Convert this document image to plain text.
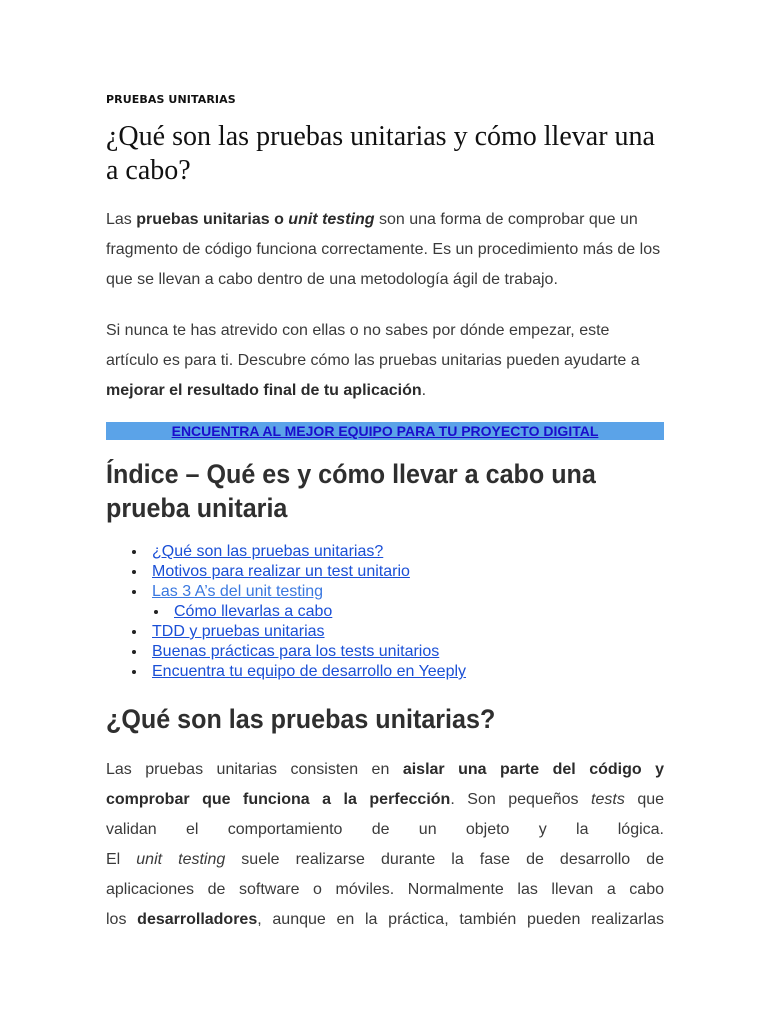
PRUEBAS UNITARIAS
¿Qué son las pruebas unitarias y cómo llevar una a cabo?

Las pruebas unitarias o unit testing son una forma de comprobar que un fragmento de código funciona correctamente. Es un procedimiento más de los que se llevan a cabo dentro de una metodología ágil de trabajo.

Si nunca te has atrevido con ellas o no sabes por dónde empezar, este artículo es para ti. Descubre cómo las pruebas unitarias pueden ayudarte a mejorar el resultado final de tu aplicación.

ENCUENTRA AL MEJOR EQUIPO PARA TU PROYECTO DIGITAL
Índice – Qué es y cómo llevar a cabo una prueba unitaria
¿Qué son las pruebas unitarias?
Motivos para realizar un test unitario
Las 3 A’s del unit testing
Cómo llevarlas a cabo
TDD y pruebas unitarias
Buenas prácticas para los tests unitarios
Encuentra tu equipo de desarrollo en Yeeply
¿Qué son las pruebas unitarias?
Las pruebas unitarias consisten en aislar una parte del código y
comprobar que funciona a la perfección. Son pequeños tests que
validan el comportamiento de un objeto y la lógica.
El unit testing suele realizarse durante la fase de desarrollo de
aplicaciones de software o móviles. Normalmente las llevan a cabo
los desarrolladores, aunque en la práctica, también pueden realizarlas
